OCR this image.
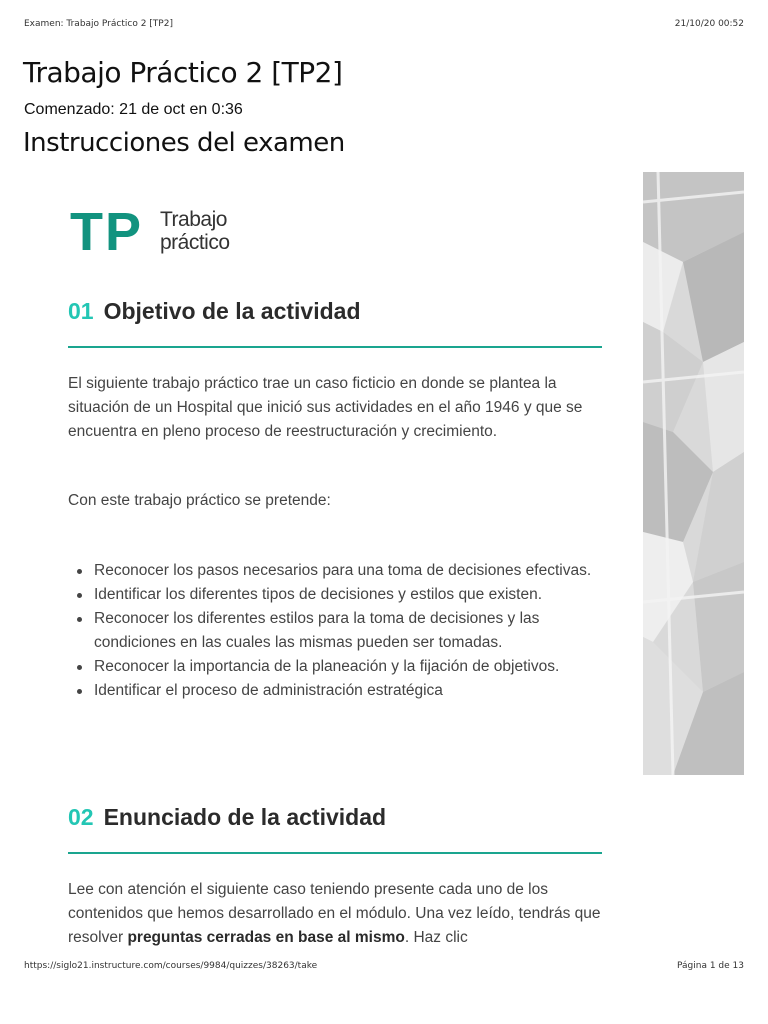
Examen: Trabajo Práctico 2 [TP2]	21/10/20 00:52
Trabajo Práctico 2 [TP2]
Comenzado: 21 de oct en 0:36
Instrucciones del examen
TP Trabajo
práctico
01 Objetivo de la actividad

El siguiente trabajo práctico trae un caso ficticio en donde se plantea la situación de un Hospital que inició sus actividades en el año 1946 y que se encuentra en pleno proceso de reestructuración y crecimiento.

Con este trabajo práctico se pretende:

Reconocer los pasos necesarios para una toma de decisiones efectivas.
Identificar los diferentes tipos de decisiones y estilos que existen.
Reconocer los diferentes estilos para la toma de decisiones y las condiciones en las cuales las mismas pueden ser tomadas.
Reconocer la importancia de la planeación y la fijación de objetivos.
Identificar el proceso de administración estratégica
02 Enunciado de la actividad

Lee con atención el siguiente caso teniendo presente cada uno de los contenidos que hemos desarrollado en el módulo. Una vez leído, tendrás que resolver preguntas cerradas en base al mismo. Haz clic

https://siglo21.instructure.com/courses/9984/quizzes/38263/take	Página 1 de 13
